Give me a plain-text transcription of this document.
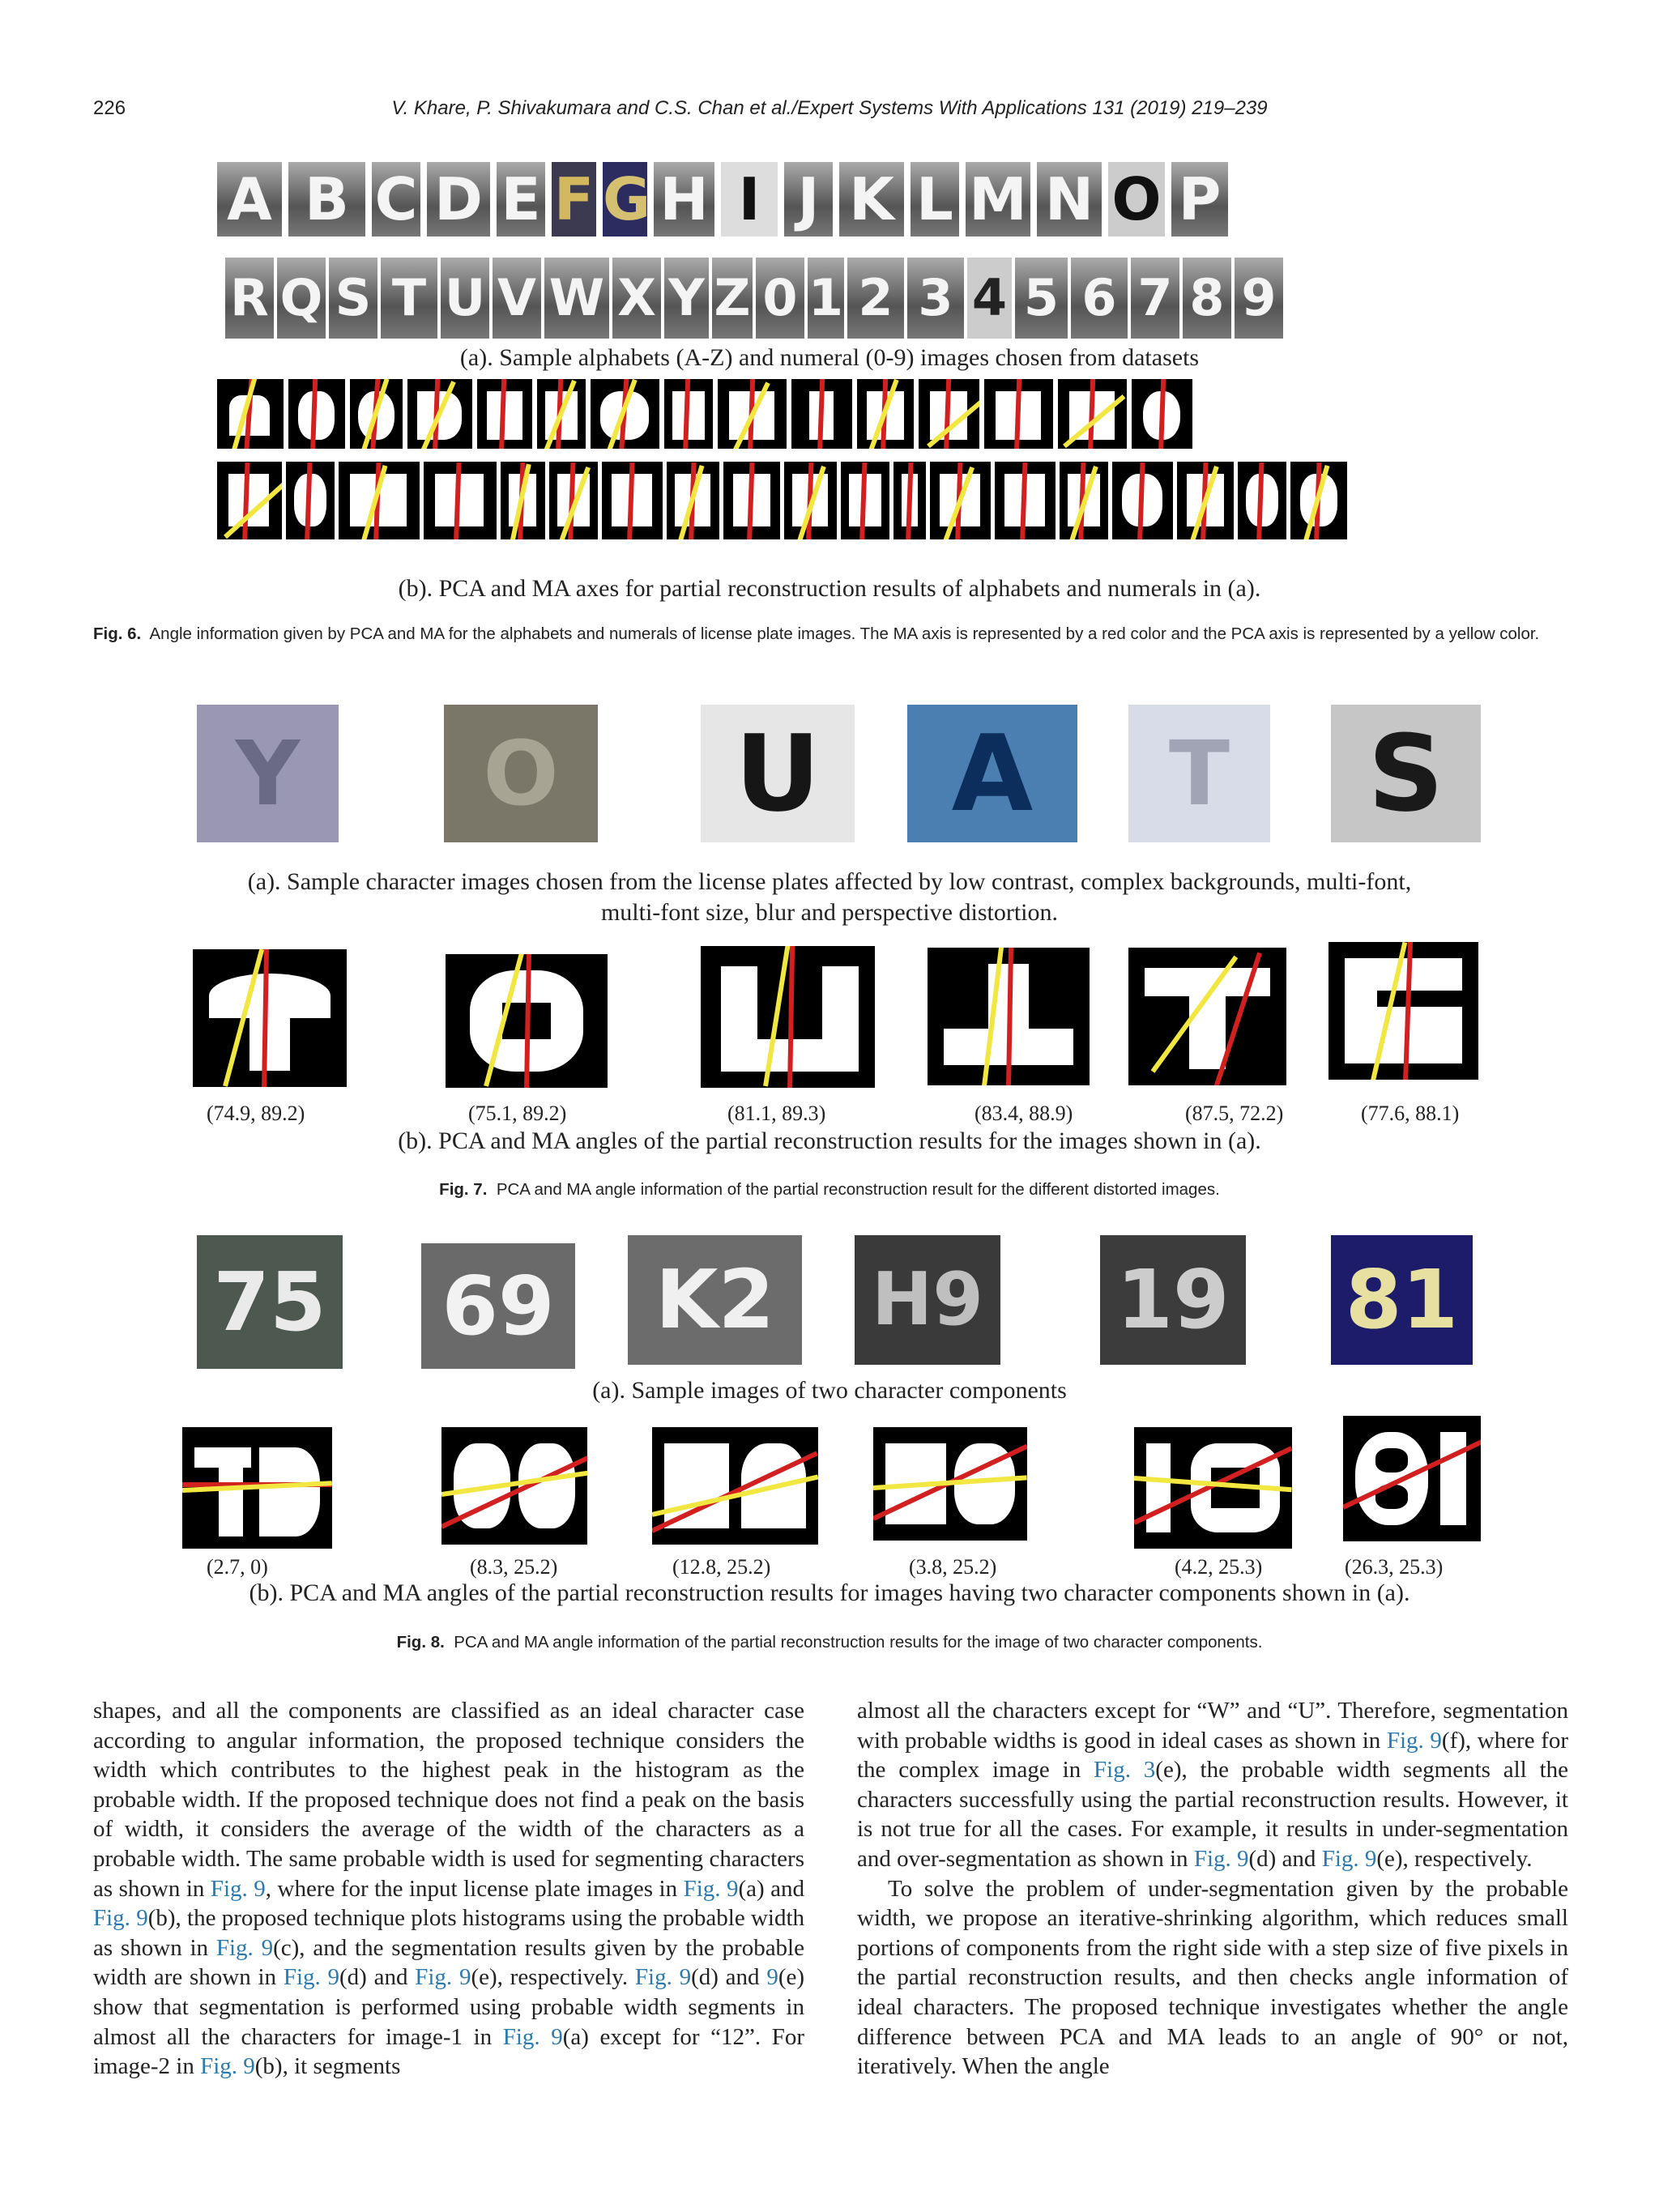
226	V. Khare, P. Shivakumara and C.S. Chan et al./Expert Systems With Applications 131 (2019) 219–239
A B C D E F G H I J K L M N O P
R Q S T U V W X Y Z 0 1 2 3 4 5 6 7 8 9
(a). Sample alphabets (A-Z) and numeral (0-9) images chosen from datasets
(b). PCA and MA axes for partial reconstruction results of alphabets and numerals in (a).
Fig. 6. Angle information given by PCA and MA for the alphabets and numerals of license plate images. The MA axis is represented by a red color and the PCA axis is represented by a yellow color.
Y	O	U	A	T	S
(a). Sample character images chosen from the license plates affected by low contrast, complex backgrounds, multi-font,
multi-font size, blur and perspective distortion.
(74.9, 89.2)	(75.1, 89.2)	(81.1, 89.3)	(83.4, 88.9)	(87.5, 72.2)	(77.6, 88.1)
(b). PCA and MA angles of the partial reconstruction results for the images shown in (a).
Fig. 7. PCA and MA angle information of the partial reconstruction result for the different distorted images.
75 69	K2	H9 19 81
(a). Sample images of two character components
(2.7, 0)	(8.3, 25.2)	(12.8, 25.2)	(3.8, 25.2)	(4.2, 25.3)	(26.3, 25.3)
(b). PCA and MA angles of the partial reconstruction results for images having two character components shown in (a).
Fig. 8. PCA and MA angle information of the partial reconstruction results for the image of two character components.

shapes, and all the components are classified as an ideal character case according to angular information, the proposed technique considers the width which contributes to the highest peak in the histogram as the probable width. If the proposed technique does not find a peak on the basis of width, it considers the average of the width of the characters as a probable width. The same probable width is used for segmenting characters as shown in Fig. 9, where for the input license plate images in Fig. 9(a) and Fig. 9(b), the proposed technique plots histograms using the probable width as shown in Fig. 9(c), and the segmentation results given by the probable width are shown in Fig. 9(d) and Fig. 9(e), respectively. Fig. 9(d) and 9(e) show that segmentation is performed using probable width segments in almost all the characters for image-1 in Fig. 9(a) except for “12”. For image-2 in Fig. 9(b), it segments

almost all the characters except for “W” and “U”. Therefore, segmentation with probable widths is good in ideal cases as shown in Fig. 9(f), where for the complex image in Fig. 3(e), the probable width segments all the characters successfully using the partial reconstruction results. However, it is not true for all the cases. For example, it results in under-segmentation and over-segmentation as shown in Fig. 9(d) and Fig. 9(e), respectively.

To solve the problem of under-segmentation given by the probable width, we propose an iterative-shrinking algorithm, which reduces small portions of components from the right side with a step size of five pixels in the partial reconstruction results, and then checks angle information of ideal characters. The proposed technique investigates whether the angle difference between PCA and MA leads to an angle of 90° or not, iteratively. When the angle
